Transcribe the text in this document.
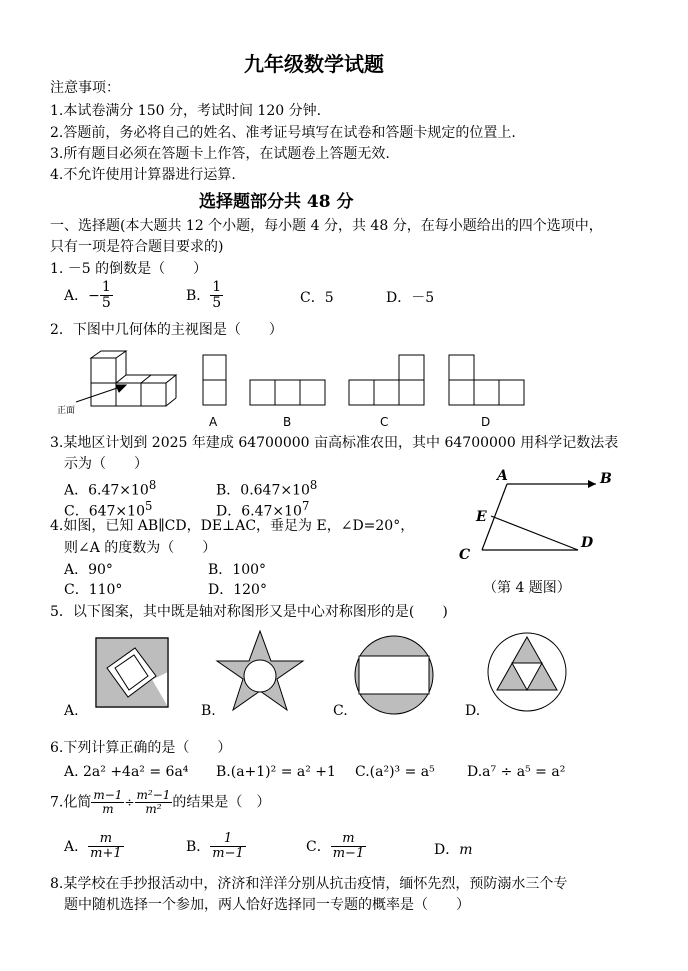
九年级数学试题
注意事项：
1.本试卷满分 150 分，考试时间 120 分钟.
2.答题前，务必将自己的姓名、准考证号填写在试卷和答题卡规定的位置上.
3.所有题目必须在答题卡上作答，在试题卷上答题无效.
4.不允许使用计算器进行运算.
选择题部分共 48 分
一、选择题(本大题共 12 个小题，每小题 4 分，共 48 分，在每小题给出的四个选项中，
只有一项是符合题目要求的)
1. －5 的倒数是（　　）
A．− $\frac{1}{5}$	B． $\frac{1}{5}$	C．5	D．－5
2．下图中几何体的主视图是（　　）
正面
A	B	C	D
A	B
E
C
D
（第 4 题图）
3.某地区计划到 2025 年建成 64700000 亩高标准农田，其中 64700000 用科学记数法表
示为（　　）
A．$6.47\times 10^8$	B．$0.647\times 10^8$
C．$647\times 10^5$	D．$6.47\times 10^7$
4.如图，已知 AB∥CD，DE⊥AC，垂足为 E，∠D=20°，
则∠A 的度数为（　　）
A．90°	B．100°
C．110°	D．120°
5．以下图案，其中既是轴对称图形又是中心对称图形的是(　　)
A.	B.	C.	D.
6.下列计算正确的是（　　）
A. 2a² +4a² = 6a⁴ B.(a+1)² = a² +1 C.(a²)³ = a⁵ D.a⁷ ÷ a⁵ = a²
7.化简 $\frac{m-1}{m} \div \frac{\text{m²−1}}{\text{m²}}$ 的结果是（　）
A． $\frac{m}{m+1}$	B． $\frac{1}{m-1}$	C． $\frac{m}{m-1}$	D．m
8.某学校在手抄报活动中，济济和洋洋分别从抗击疫情，缅怀先烈，预防溺水三个专
题中随机选择一个参加，两人恰好选择同一专题的概率是（　　）
